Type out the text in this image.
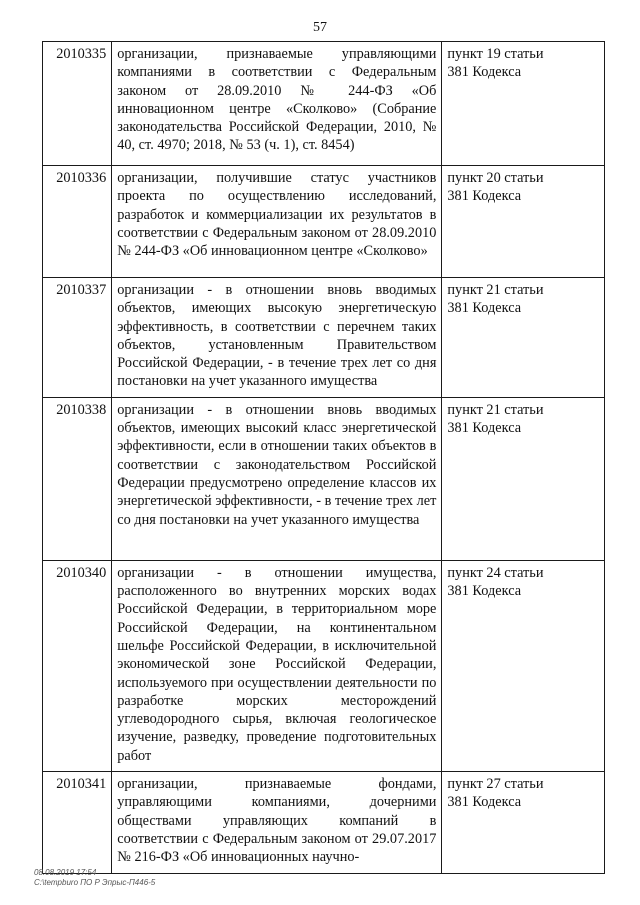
57
2010335	организации, признаваемые управляющими компаниями в соответствии с Федеральным законом от 28.09.2010 № 244-ФЗ «Об инновационном центре «Сколково» (Собрание законодательства Российской Федерации, 2010, № 40, ст. 4970; 2018, № 53 (ч. 1), ст. 8454)	пункт 19 статьи
381 Кодекса

2010336	организации, получившие статус участников проекта по осуществлению исследований, разработок и коммерциализации их результатов в соответствии с Федеральным законом от 28.09.2010 № 244-ФЗ «Об инновационном центре «Сколково»	пункт 20 статьи
381 Кодекса

2010337	организации - в отношении вновь вводимых объектов, имеющих высокую энергетическую эффективность, в соответствии с перечнем таких объектов, установленным Правительством Российской Федерации, - в течение трех лет со дня постановки на учет указанного имущества	пункт 21 статьи
381 Кодекса

2010338	организации - в отношении вновь вводимых объектов, имеющих высокий класс энергетической эффективности, если в отношении таких объектов в соответствии с законодательством Российской Федерации предусмотрено определение классов их энергетической эффективности, - в течение трех лет со дня постановки на учет указанного имущества	пункт 21 статьи
381 Кодекса

2010340	организации - в отношении имущества, расположенного во внутренних морских водах Российской Федерации, в территориальном море Российской Федерации, на континентальном шельфе Российской Федерации, в исключительной экономической зоне Российской Федерации, используемого при осуществлении деятельности по разработке морских месторождений углеводородного сырья, включая геологическое изучение, разведку, проведение подготовительных работ	пункт 24 статьи
381 Кодекса

2010341	организации, признаваемые фондами, управляющими компаниями, дочерними обществами управляющих компаний в соответствии с Федеральным законом от 29.07.2017 № 216-ФЗ «Об инновационных научно-	пункт 27 статьи
381 Кодекса
08.08.2019 17:54
C:\tempburo ПО Р Эпрыс-П446-5
